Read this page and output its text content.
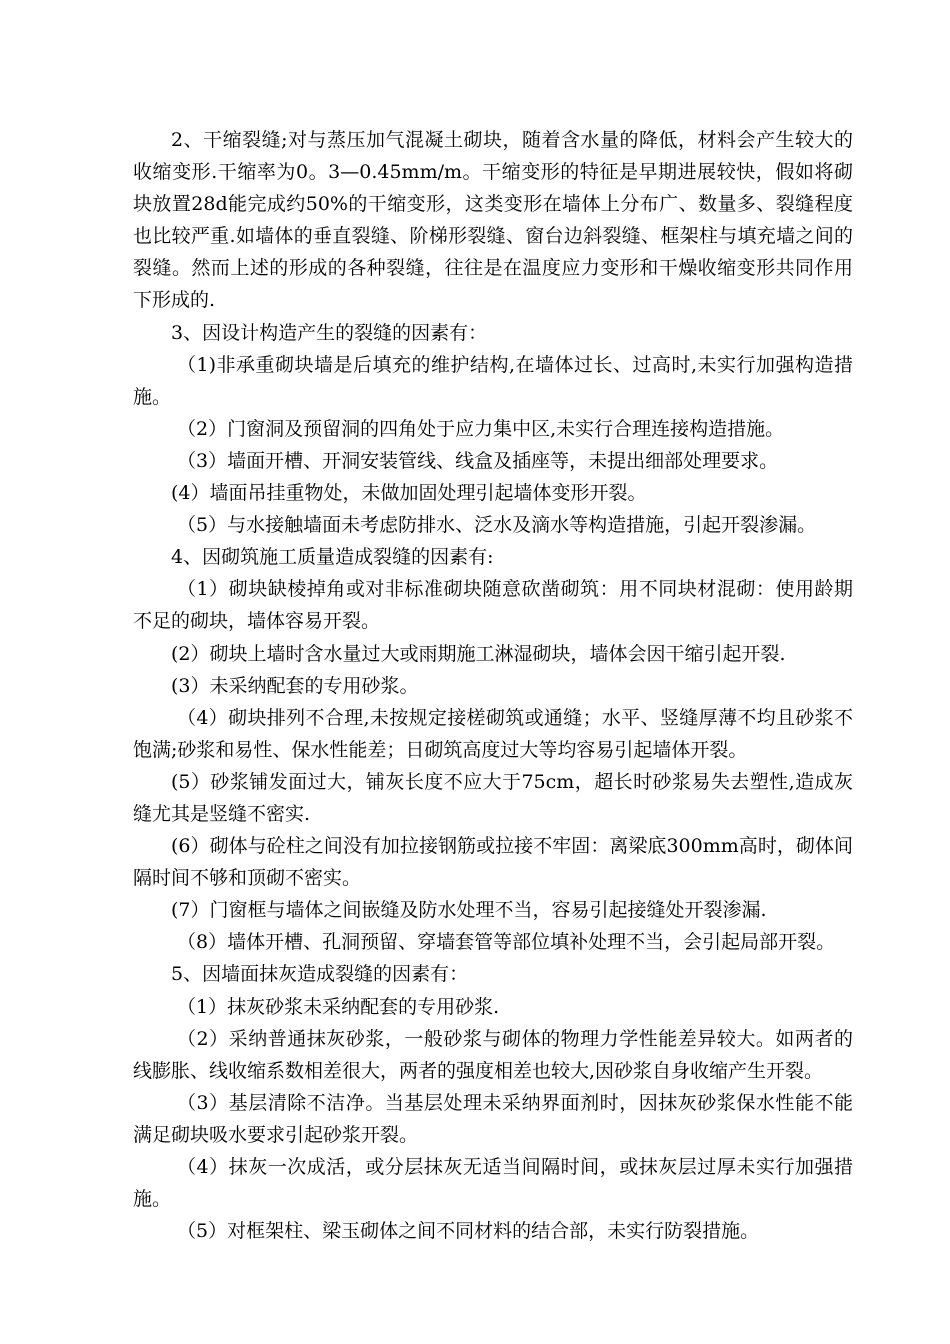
2、干缩裂缝;对与蒸压加气混凝土砌块，随着含水量的降低，材料会产生较大的收缩变形.干缩率为0。3—0.45mm/m。干缩变形的特征是早期进展较快，假如将砌块放置28d能完成约50%的干缩变形，这类变形在墙体上分布广、数量多、裂缝程度也比较严重.如墙体的垂直裂缝、阶梯形裂缝、窗台边斜裂缝、框架柱与填充墙之间的裂缝。然而上述的形成的各种裂缝，往往是在温度应力变形和干燥收缩变形共同作用下形成的.

3、因设计构造产生的裂缝的因素有：

（1)非承重砌块墙是后填充的维护结构,在墙体过长、过高时,未实行加强构造措施。

（2）门窗洞及预留洞的四角处于应力集中区,未实行合理连接构造措施。

（3）墙面开槽、开洞安装管线、线盒及插座等，未提出细部处理要求。

(4）墙面吊挂重物处，未做加固处理引起墙体变形开裂。

（5）与水接触墙面未考虑防排水、泛水及滴水等构造措施，引起开裂渗漏。

4、因砌筑施工质量造成裂缝的因素有:

（1）砌块缺棱掉角或对非标准砌块随意砍凿砌筑：用不同块材混砌：使用龄期不足的砌块，墙体容易开裂。

(2）砌块上墙时含水量过大或雨期施工淋湿砌块，墙体会因干缩引起开裂.

(3）未采纳配套的专用砂浆。

（4）砌块排列不合理,未按规定接槎砌筑或通缝；水平、竖缝厚薄不均且砂浆不饱满;砂浆和易性、保水性能差；日砌筑高度过大等均容易引起墙体开裂。

(5）砂浆铺发面过大，铺灰长度不应大于75cm，超长时砂浆易失去塑性,造成灰缝尤其是竖缝不密实.

(6）砌体与砼柱之间没有加拉接钢筋或拉接不牢固：离梁底300mm高时，砌体间隔时间不够和顶砌不密实。

(7）门窗框与墙体之间嵌缝及防水处理不当，容易引起接缝处开裂渗漏.

（8）墙体开槽、孔洞预留、穿墙套管等部位填补处理不当，会引起局部开裂。

5、因墙面抹灰造成裂缝的因素有：

（1）抹灰砂浆未采纳配套的专用砂浆.

（2）采纳普通抹灰砂浆，一般砂浆与砌体的物理力学性能差异较大。如两者的线膨胀、线收缩系数相差很大，两者的强度相差也较大,因砂浆自身收缩产生开裂。

（3）基层清除不洁净。当基层处理未采纳界面剂时，因抹灰砂浆保水性能不能满足砌块吸水要求引起砂浆开裂。

（4）抹灰一次成活，或分层抹灰无适当间隔时间，或抹灰层过厚未实行加强措施。

（5）对框架柱、梁玉砌体之间不同材料的结合部，未实行防裂措施。
